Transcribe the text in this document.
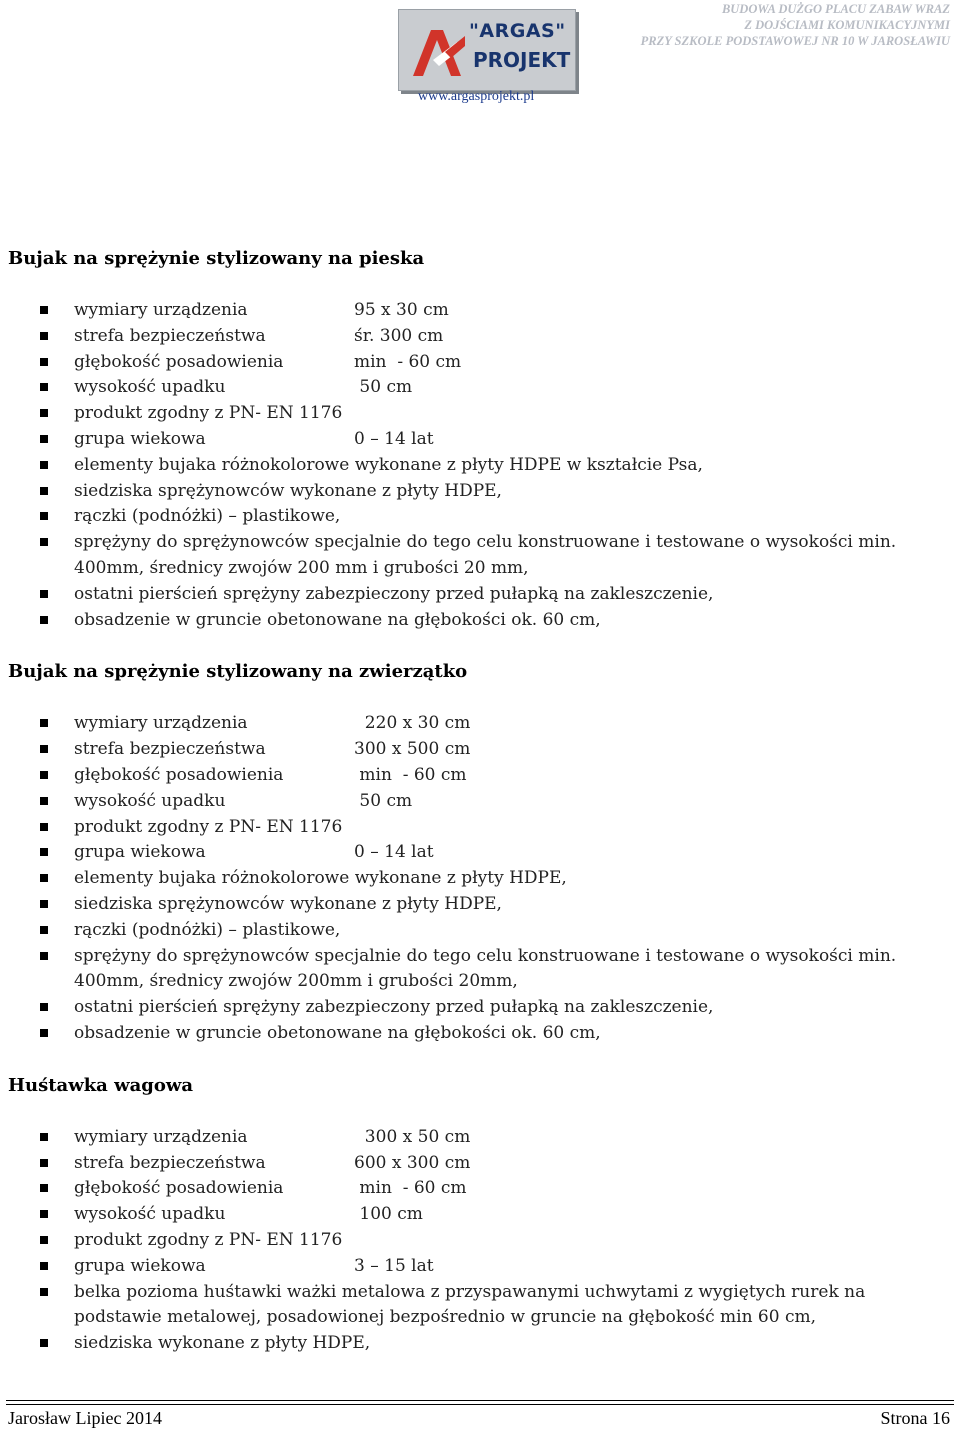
"ARGAS"
PROJEKT
www.argasprojekt.pl
BUDOWA DUŻGO PLACU ZABAW WRAZ
Z DOJŚCIAMI KOMUNIKACYJNYMI
PRZY SZKOLE PODSTAWOWEJ NR 10 W JAROSŁAWIU
Bujak na sprężynie stylizowany na pieska
wymiary urządzenia	95 x 30 cm
strefa bezpieczeństwa	śr. 300 cm
głębokość posadowienia	min  - 60 cm
wysokość upadku	50 cm
produkt zgodny z PN- EN 1176
grupa wiekowa	0 – 14 lat
elementy bujaka różnokolorowe wykonane z płyty HDPE w kształcie Psa,
siedziska sprężynowców wykonane z płyty HDPE,
rączki (podnóżki) – plastikowe,
sprężyny do sprężynowców specjalnie do tego celu konstruowane i testowane o wysokości min. 400mm, średnicy zwojów 200 mm i grubości 20 mm,
ostatni pierścień sprężyny zabezpieczony przed pułapką na zakleszczenie,
obsadzenie w gruncie obetonowane na głębokości ok. 60 cm,
Bujak na sprężynie stylizowany na zwierzątko
wymiary urządzenia	220 x 30 cm
strefa bezpieczeństwa	300 x 500 cm
głębokość posadowienia	min  - 60 cm
wysokość upadku	50 cm
produkt zgodny z PN- EN 1176
grupa wiekowa	0 – 14 lat
elementy bujaka różnokolorowe wykonane z płyty HDPE,
siedziska sprężynowców wykonane z płyty HDPE,
rączki (podnóżki) – plastikowe,
sprężyny do sprężynowców specjalnie do tego celu konstruowane i testowane o wysokości min. 400mm, średnicy zwojów 200mm i grubości 20mm,
ostatni pierścień sprężyny zabezpieczony przed pułapką na zakleszczenie,
obsadzenie w gruncie obetonowane na głębokości ok. 60 cm,
Huśtawka wagowa
wymiary urządzenia	300 x 50 cm
strefa bezpieczeństwa	600 x 300 cm
głębokość posadowienia	min  - 60 cm
wysokość upadku	100 cm
produkt zgodny z PN- EN 1176
grupa wiekowa	3 – 15 lat
belka pozioma huśtawki ważki metalowa z przyspawanymi uchwytami z wygiętych rurek na podstawie metalowej, posadowionej bezpośrednio w gruncie na głębokość min 60 cm,
siedziska wykonane z płyty HDPE,
Jarosław Lipiec 2014	Strona 16
